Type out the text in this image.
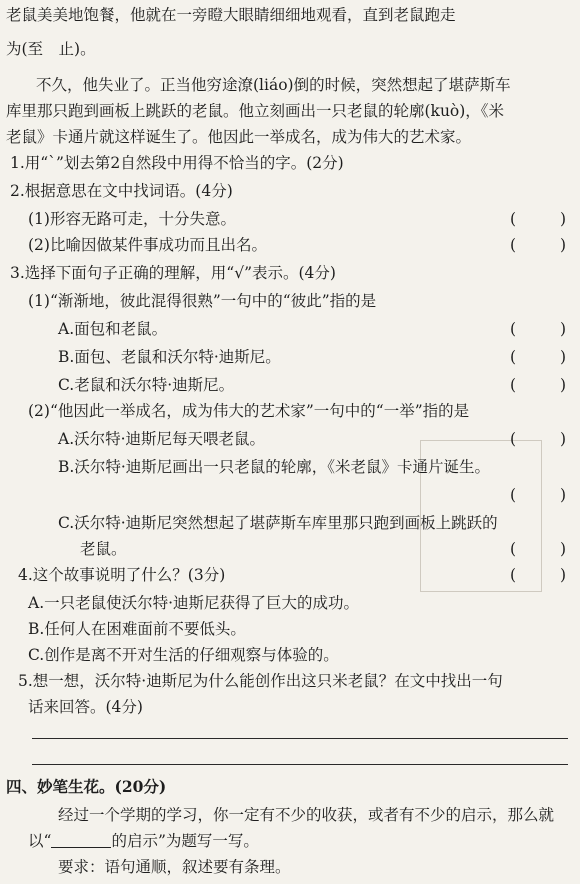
老鼠美美地饱餐，他就在一旁瞪大眼睛细细地观看，直到老鼠跑走
为(至　止)。
不久，他失业了。正当他穷途潦(liáo)倒的时候，突然想起了堪萨斯车
库里那只跑到画板上跳跃的老鼠。他立刻画出一只老鼠的轮廓(kuò)，《米
老鼠》卡通片就这样诞生了。他因此一举成名，成为伟大的艺术家。
1.用“ˋ”划去第2自然段中用得不恰当的字。(2分)
2.根据意思在文中找词语。(4分)
(1)形容无路可走，十分失意。	(	)
(2)比喻因做某件事成功而且出名。	(	)
3.选择下面句子正确的理解，用“√”表示。(4分)
(1)“渐渐地，彼此混得很熟”一句中的“彼此”指的是
A.面包和老鼠。	(	)
B.面包、老鼠和沃尔特·迪斯尼。	(	)
C.老鼠和沃尔特·迪斯尼。	(	)
(2)“他因此一举成名，成为伟大的艺术家”一句中的“一举”指的是
A.沃尔特·迪斯尼每天喂老鼠。	(	)
B.沃尔特·迪斯尼画出一只老鼠的轮廓，《米老鼠》卡通片诞生。
(	)
C.沃尔特·迪斯尼突然想起了堪萨斯车库里那只跑到画板上跳跃的
老鼠。	(	)
4.这个故事说明了什么？(3分)	(	)
A.一只老鼠使沃尔特·迪斯尼获得了巨大的成功。
B.任何人在困难面前不要低头。
C.创作是离不开对生活的仔细观察与体验的。
5.想一想，沃尔特·迪斯尼为什么能创作出这只米老鼠？在文中找出一句
话来回答。(4分)
四、妙笔生花。(20分)
经过一个学期的学习，你一定有不少的收获，或者有不少的启示，那么就
以“	的启示”为题写一写。
要求：语句通顺，叙述要有条理。
